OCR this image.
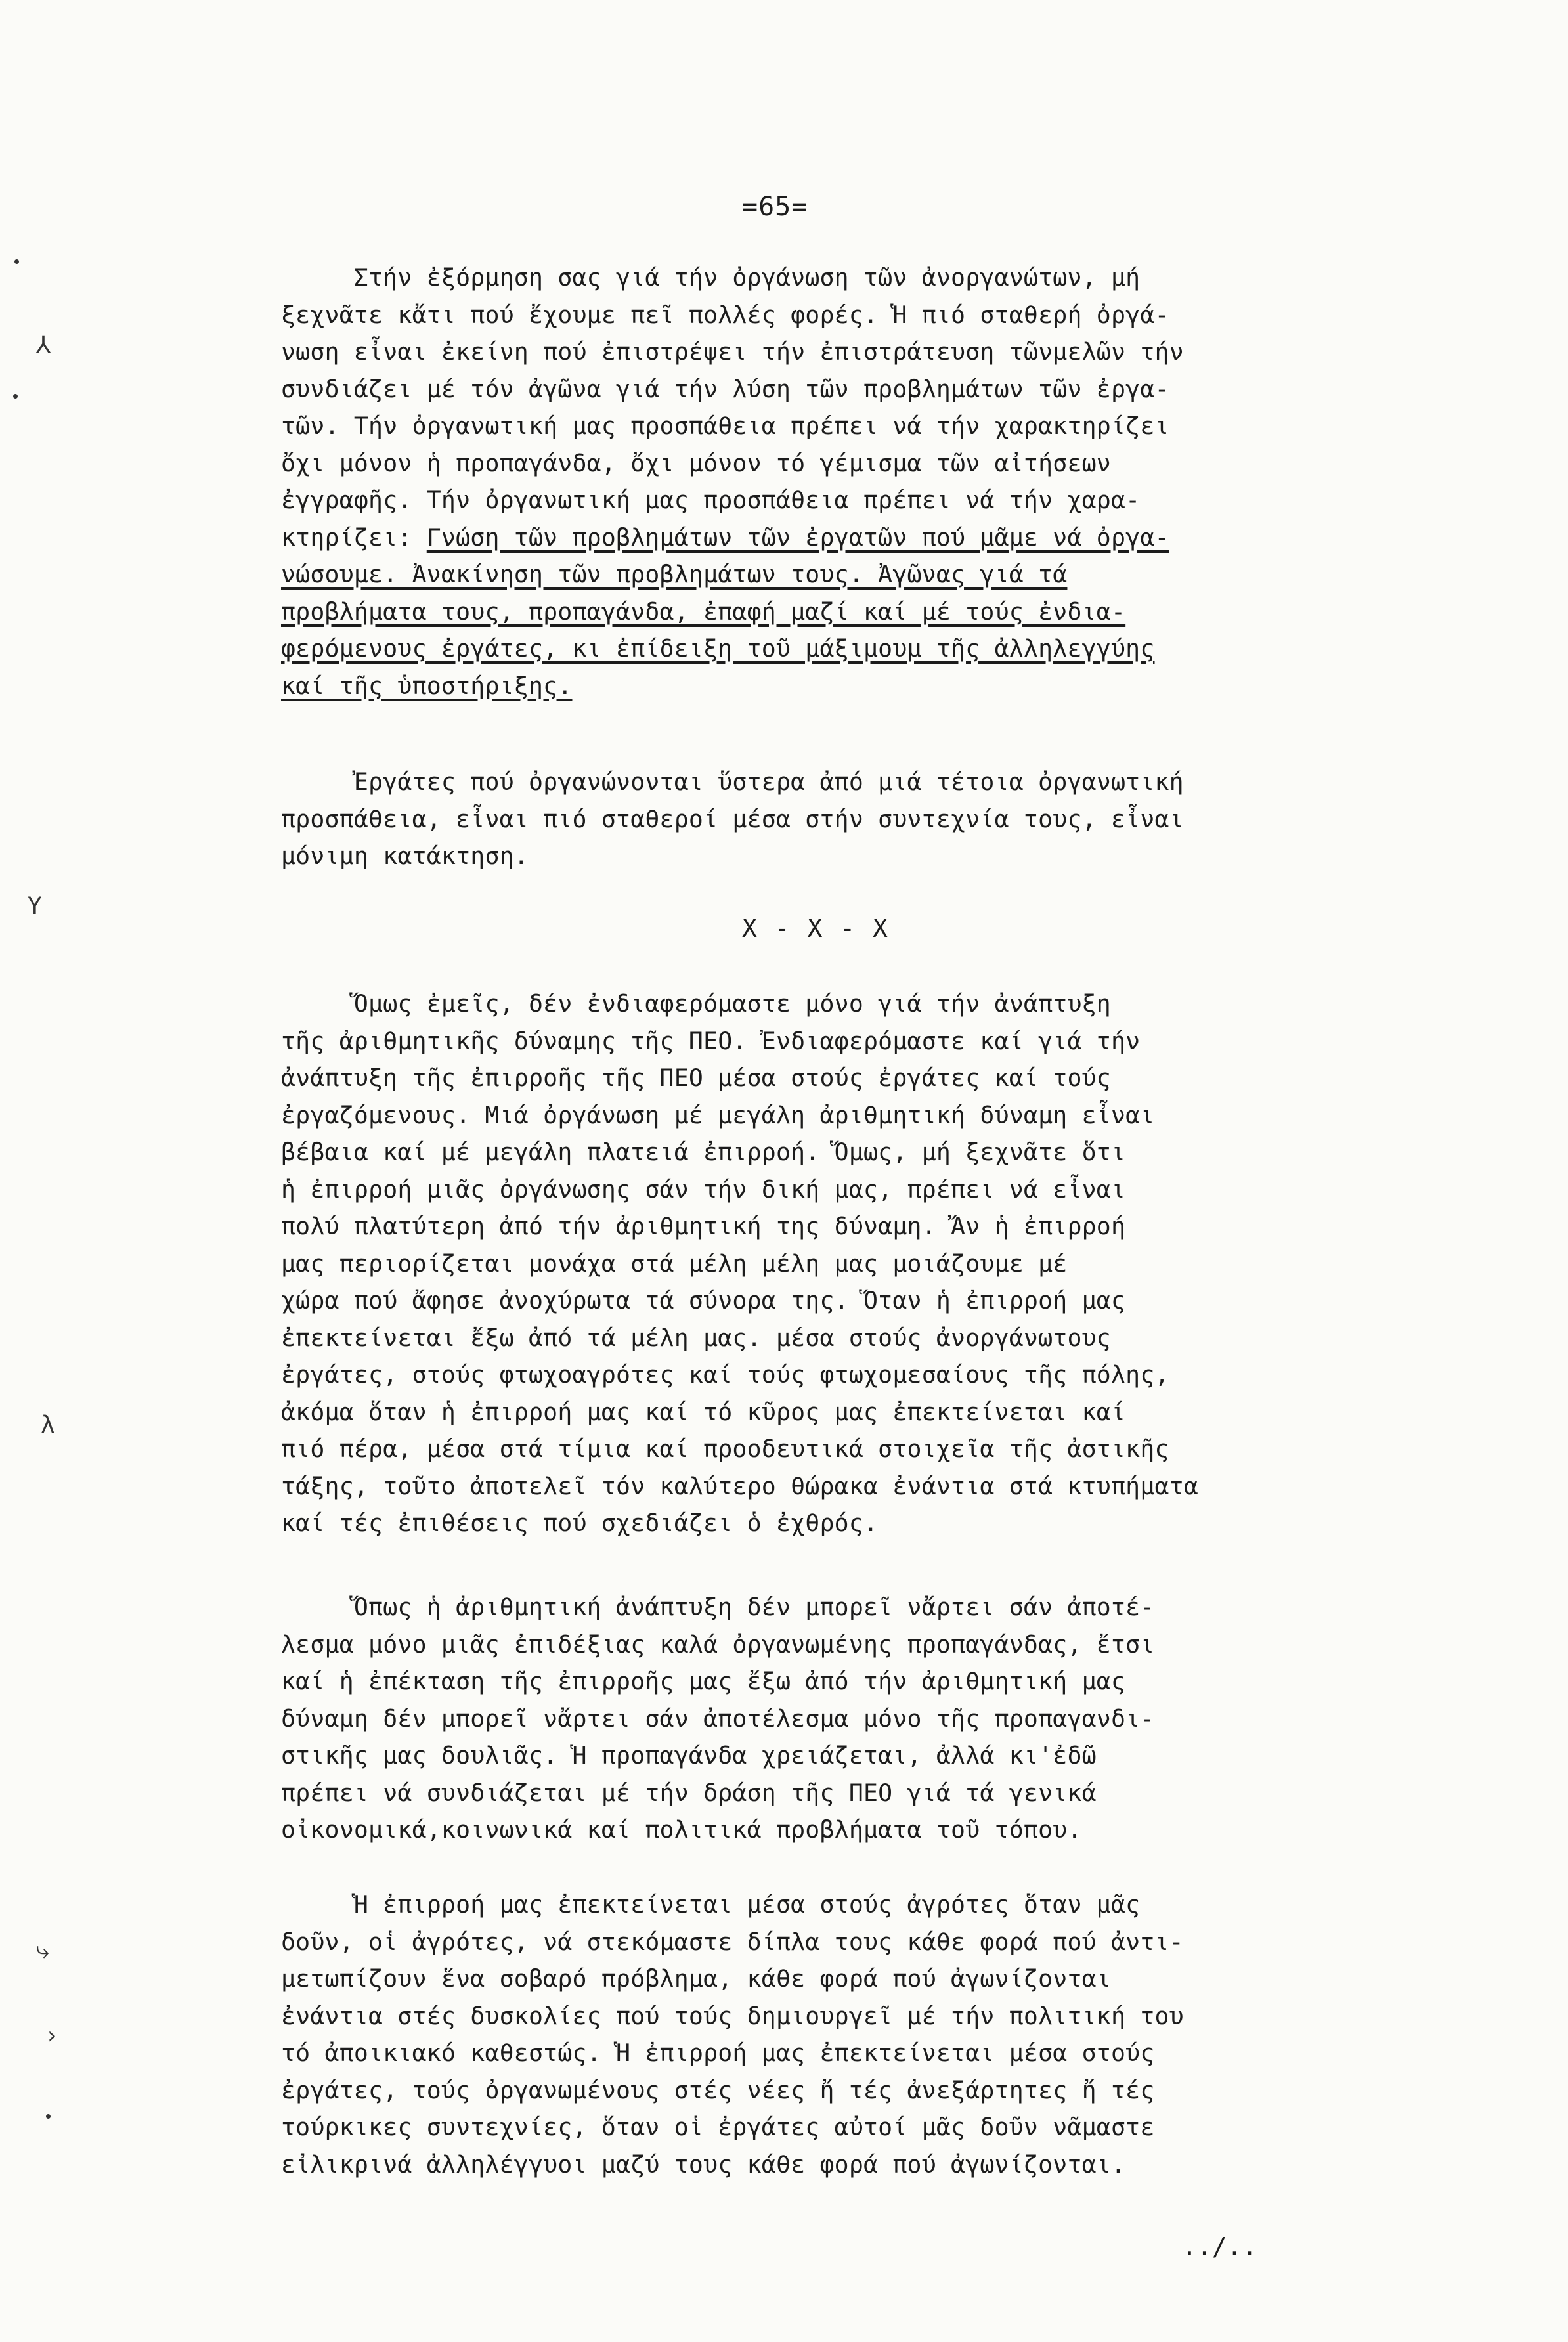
=65=
Στήν ἐξόρμηση σας γιά τήν ὀργάνωση τῶν ἀνοργανώτων, μή
ξεχνᾶτε κἄτι πού ἔχουμε πεῖ πολλές φορές. Ἡ πιό σταθερή ὀργά-
νωση εἶναι ἐκείνη πού ἐπιστρέψει τήν ἐπιστράτευση τῶνμελῶν τήν
συνδιάζει μέ τόν ἀγῶνα γιά τήν λύση τῶν προβλημάτων τῶν ἐργα-
τῶν. Τήν ὀργανωτική μας προσπάθεια πρέπει νά τήν χαρακτηρίζει
ὄχι μόνον ἡ προπαγάνδα, ὄχι μόνον τό γέμισμα τῶν αἰτήσεων
ἐγγραφῆς. Τήν ὀργανωτική μας προσπάθεια πρέπει νά τήν χαρα-
κτηρίζει: Γνώση τῶν προβλημάτων τῶν ἐργατῶν πού μᾶμε νά ὀργα-
νώσουμε. Ἀνακίνηση τῶν προβλημάτων τους. Ἀγῶνας γιά τά
προβλήματα τους, προπαγάνδα, ἐπαφή μαζί καί μέ τούς ἐνδια-
φερόμενους ἐργάτες, κι ἐπίδειξη τοῦ μάξιμουμ τῆς ἀλληλεγγύης
καί τῆς ὑποστήριξης.
Ἐργάτες πού ὀργανώνονται ὕστερα ἀπό μιά τέτοια ὀργανωτική
προσπάθεια, εἶναι πιό σταθεροί μέσα στήν συντεχνία τους, εἶναι
μόνιμη κατάκτηση.
X - X - X
Ὅμως ἐμεῖς, δέν ἐνδιαφερόμαστε μόνο γιά τήν ἀνάπτυξη
τῆς ἀριθμητικῆς δύναμης τῆς ΠΕΟ. Ἐνδιαφερόμαστε καί γιά τήν
ἀνάπτυξη τῆς ἐπιρροῆς τῆς ΠΕΟ μέσα στούς ἐργάτες καί τούς
ἐργαζόμενους. Μιά ὀργάνωση μέ μεγάλη ἀριθμητική δύναμη εἶναι
βέβαια καί μέ μεγάλη πλατειά ἐπιρροή. Ὅμως, μή ξεχνᾶτε ὅτι
ἡ ἐπιρροή μιᾶς ὀργάνωσης σάν τήν δική μας, πρέπει νά εἶναι
πολύ πλατύτερη ἀπό τήν ἀριθμητική της δύναμη. Ἄν ἡ ἐπιρροή
μας περιορίζεται μονάχα στά μέλη μέλη μας μοιάζουμε μέ
χώρα πού ἄφησε ἀνοχύρωτα τά σύνορα της. Ὅταν ἡ ἐπιρροή μας
ἐπεκτείνεται ἔξω ἀπό τά μέλη μας. μέσα στούς ἀνοργάνωτους
ἐργάτες, στούς φτωχοαγρότες καί τούς φτωχομεσαίους τῆς πόλης,
ἀκόμα ὅταν ἡ ἐπιρροή μας καί τό κῦρος μας ἐπεκτείνεται καί
πιό πέρα, μέσα στά τίμια καί προοδευτικά στοιχεῖα τῆς ἀστικῆς
τάξης, τοῦτο ἀποτελεῖ τόν καλύτερο θώρακα ἐνάντια στά κτυπήματα
καί τές ἐπιθέσεις πού σχεδιάζει ὁ ἐχθρός.
Ὅπως ἡ ἀριθμητική ἀνάπτυξη δέν μπορεῖ νἄρτει σάν ἀποτέ-
λεσμα μόνο μιᾶς ἐπιδέξιας καλά ὀργανωμένης προπαγάνδας, ἔτσι
καί ἡ ἐπέκταση τῆς ἐπιρροῆς μας ἔξω ἀπό τήν ἀριθμητική μας
δύναμη δέν μπορεῖ νἄρτει σάν ἀποτέλεσμα μόνο τῆς προπαγανδι-
στικῆς μας δουλιᾶς. Ἡ προπαγάνδα χρειάζεται, ἀλλά κι'ἐδῶ
πρέπει νά συνδιάζεται μέ τήν δράση τῆς ΠΕΟ γιά τά γενικά
οἰκονομικά,κοινωνικά καί πολιτικά προβλήματα τοῦ τόπου.
Ἡ ἐπιρροή μας ἐπεκτείνεται μέσα στούς ἀγρότες ὅταν μᾶς
δοῦν, οἱ ἀγρότες, νά στεκόμαστε δίπλα τους κάθε φορά πού ἀντι-
μετωπίζουν ἕνα σοβαρό πρόβλημα, κάθε φορά πού ἀγωνίζονται
ἐνάντια στές δυσκολίες πού τούς δημιουργεῖ μέ τήν πολιτική του
τό ἀποικιακό καθεστώς. Ἡ ἐπιρροή μας ἐπεκτείνεται μέσα στούς
ἐργάτες, τούς ὀργανωμένους στές νέες ἤ τές ἀνεξάρτητες ἤ τές
τούρκικες συντεχνίες, ὅταν οἱ ἐργάτες αὐτοί μᾶς δοῦν νᾶμαστε
εἰλικρινά ἀλληλέγγυοι μαζύ τους κάθε φορά πού ἀγωνίζονται.
../..
⅄
Υ
λ
⤷
›
